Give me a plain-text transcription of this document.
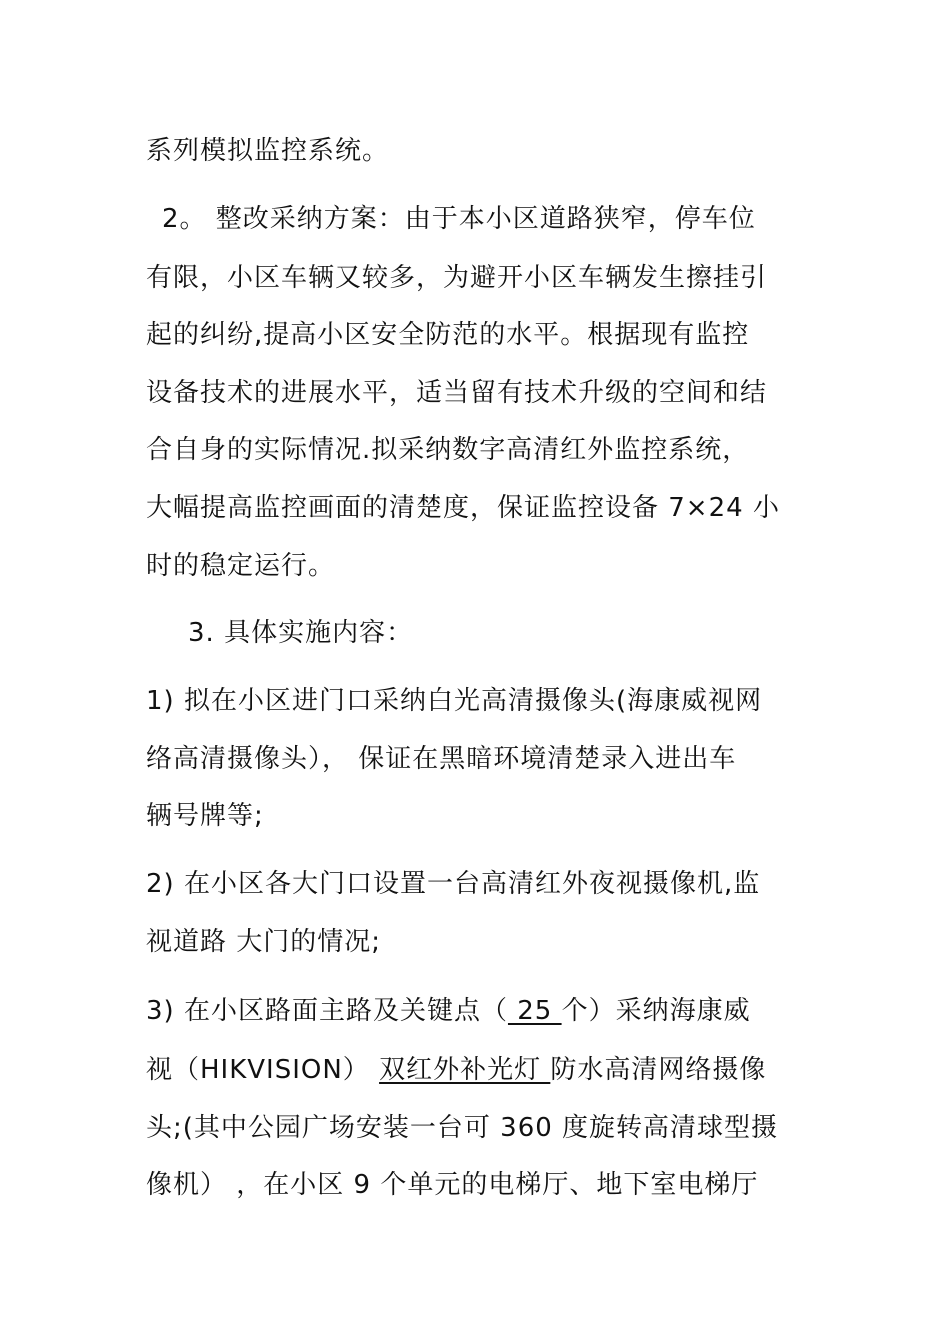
系列模拟监控系统。
2。 整改采纳方案：由于本小区道路狭窄，停车位
有限，小区车辆又较多，为避开小区车辆发生擦挂引
起的纠纷,提高小区安全防范的水平。根据现有监控
设备技术的进展水平，适当留有技术升级的空间和结
合自身的实际情况.拟采纳数字高清红外监控系统，
大幅提高监控画面的清楚度，保证监控设备 7×24 小
时的稳定运行。
3. 具体实施内容：
1) 拟在小区进门口采纳白光高清摄像头(海康威视网
络高清摄像头）， 保证在黑暗环境清楚录入进出车
辆号牌等;
2) 在小区各大门口设置一台高清红外夜视摄像机,监
视道路 大门的情况;
3) 在小区路面主路及关键点（ 25 个）采纳海康威
视（HIKVISION） 双红外补光灯 防水高清网络摄像
头;(其中公园广场安装一台可 360 度旋转高清球型摄
像机） ，在小区 9 个单元的电梯厅、地下室电梯厅
